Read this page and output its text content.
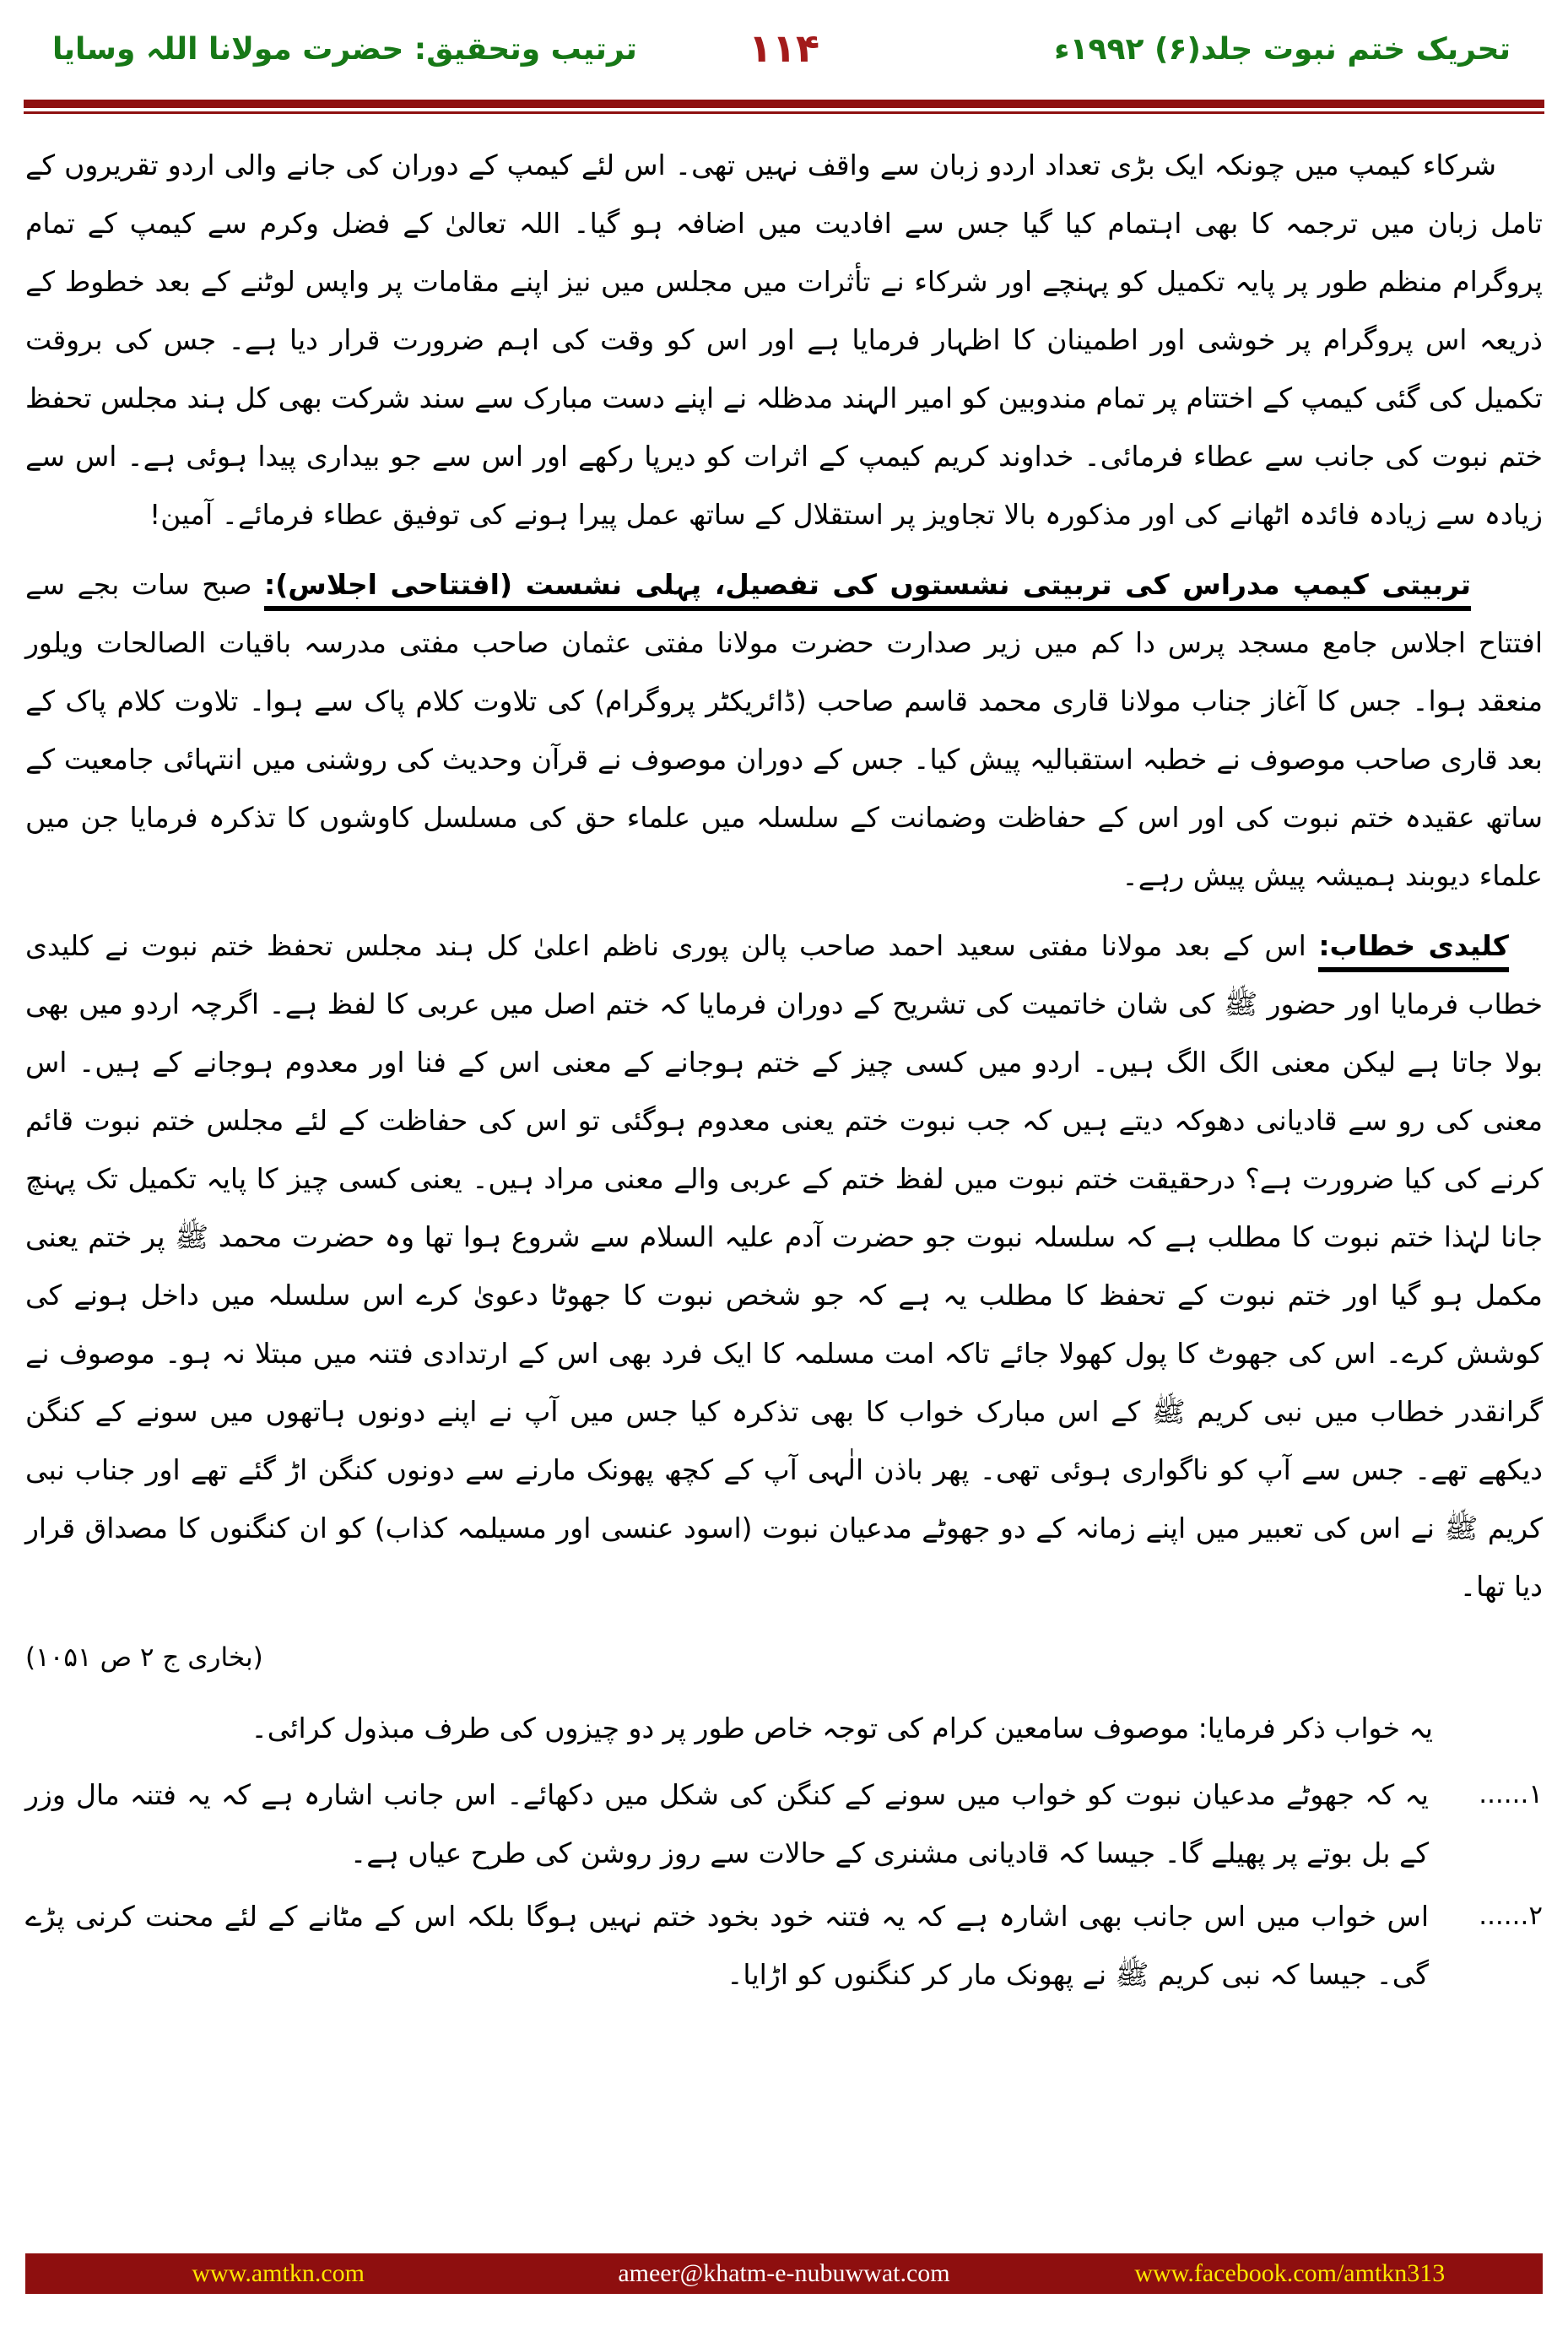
تحریک ختم نبوت جلد(۶) ۱۹۹۲ء
۱۱۴
ترتیب وتحقیق: حضرت مولانا اللہ وسایا
شرکاء کیمپ میں چونکہ ایک بڑی تعداد اردو زبان سے واقف نہیں تھی۔ اس لئے کیمپ کے دوران کی جانے والی اردو تقریروں کے تامل زبان میں ترجمہ کا بھی اہتمام کیا گیا جس سے افادیت میں اضافہ ہو گیا۔ اللہ تعالیٰ کے فضل وکرم سے کیمپ کے تمام پروگرام منظم طور پر پایہ تکمیل کو پہنچے اور شرکاء نے تأثرات میں مجلس میں نیز اپنے مقامات پر واپس لوٹنے کے بعد خطوط کے ذریعہ اس پروگرام پر خوشی اور اطمینان کا اظہار فرمایا ہے اور اس کو وقت کی اہم ضرورت قرار دیا ہے۔ جس کی بروقت تکمیل کی گئی کیمپ کے اختتام پر تمام مندوبین کو امیر الہند مدظلہ نے اپنے دست مبارک سے سند شرکت بھی کل ہند مجلس تحفظ ختم نبوت کی جانب سے عطاء فرمائی۔ خداوند کریم کیمپ کے اثرات کو دیرپا رکھے اور اس سے جو بیداری پیدا ہوئی ہے۔ اس سے زیادہ سے زیادہ فائدہ اٹھانے کی اور مذکورہ بالا تجاویز پر استقلال کے ساتھ عمل پیرا ہونے کی توفیق عطاء فرمائے۔ آمین!
تربیتی کیمپ مدراس کی تربیتی نشستوں کی تفصیل، پہلی نشست (افتتاحی اجلاس): صبح سات بجے سے افتتاح اجلاس جامع مسجد پرس دا کم میں زیر صدارت حضرت مولانا مفتی عثمان صاحب مفتی مدرسہ باقیات الصالحات ویلور منعقد ہوا۔ جس کا آغاز جناب مولانا قاری محمد قاسم صاحب (ڈائریکٹر پروگرام) کی تلاوت کلام پاک سے ہوا۔ تلاوت کلام پاک کے بعد قاری صاحب موصوف نے خطبہ استقبالیہ پیش کیا۔ جس کے دوران موصوف نے قرآن وحدیث کی روشنی میں انتہائی جامعیت کے ساتھ عقیدہ ختم نبوت کی اور اس کے حفاظت وضمانت کے سلسلہ میں علماء حق کی مسلسل کاوشوں کا تذکرہ فرمایا جن میں علماء دیوبند ہمیشہ پیش پیش رہے۔
کلیدی خطاب: اس کے بعد مولانا مفتی سعید احمد صاحب پالن پوری ناظم اعلیٰ کل ہند مجلس تحفظ ختم نبوت نے کلیدی خطاب فرمایا اور حضور ﷺ کی شان خاتمیت کی تشریح کے دوران فرمایا کہ ختم اصل میں عربی کا لفظ ہے۔ اگرچہ اردو میں بھی بولا جاتا ہے لیکن معنی الگ الگ ہیں۔ اردو میں کسی چیز کے ختم ہوجانے کے معنی اس کے فنا اور معدوم ہوجانے کے ہیں۔ اس معنی کی رو سے قادیانی دھوکہ دیتے ہیں کہ جب نبوت ختم یعنی معدوم ہوگئی تو اس کی حفاظت کے لئے مجلس ختم نبوت قائم کرنے کی کیا ضرورت ہے؟ درحقیقت ختم نبوت میں لفظ ختم کے عربی والے معنی مراد ہیں۔ یعنی کسی چیز کا پایہ تکمیل تک پہنچ جانا لہٰذا ختم نبوت کا مطلب ہے کہ سلسلہ نبوت جو حضرت آدم علیہ السلام سے شروع ہوا تھا وہ حضرت محمد ﷺ پر ختم یعنی مکمل ہو گیا اور ختم نبوت کے تحفظ کا مطلب یہ ہے کہ جو شخص نبوت کا جھوٹا دعویٰ کرے اس سلسلہ میں داخل ہونے کی کوشش کرے۔ اس کی جھوٹ کا پول کھولا جائے تاکہ امت مسلمہ کا ایک فرد بھی اس کے ارتدادی فتنہ میں مبتلا نہ ہو۔ موصوف نے گرانقدر خطاب میں نبی کریم ﷺ کے اس مبارک خواب کا بھی تذکرہ کیا جس میں آپ نے اپنے دونوں ہاتھوں میں سونے کے کنگن دیکھے تھے۔ جس سے آپ کو ناگواری ہوئی تھی۔ پھر باذن الٰہی آپ کے کچھ پھونک مارنے سے دونوں کنگن اڑ گئے تھے اور جناب نبی کریم ﷺ نے اس کی تعبیر میں اپنے زمانہ کے دو جھوٹے مدعیان نبوت (اسود عنسی اور مسیلمہ کذاب) کو ان کنگنوں کا مصداق قرار دیا تھا۔
(بخاری ج ۲ ص ۱۰۵۱)
یہ خواب ذکر فرمایا: موصوف سامعین کرام کی توجہ خاص طور پر دو چیزوں کی طرف مبذول کرائی۔
۱......
یہ کہ جھوٹے مدعیان نبوت کو خواب میں سونے کے کنگن کی شکل میں دکھائے۔ اس جانب اشارہ ہے کہ یہ فتنہ مال وزر کے بل بوتے پر پھیلے گا۔ جیسا کہ قادیانی مشنری کے حالات سے روز روشن کی طرح عیاں ہے۔
۲......
اس خواب میں اس جانب بھی اشارہ ہے کہ یہ فتنہ خود بخود ختم نہیں ہوگا بلکہ اس کے مٹانے کے لئے محنت کرنی پڑے گی۔ جیسا کہ نبی کریم ﷺ نے پھونک مار کر کنگنوں کو اڑایا۔
www.amtkn.com	ameer@khatm-e-nubuwwat.com	www.facebook.com/amtkn313
